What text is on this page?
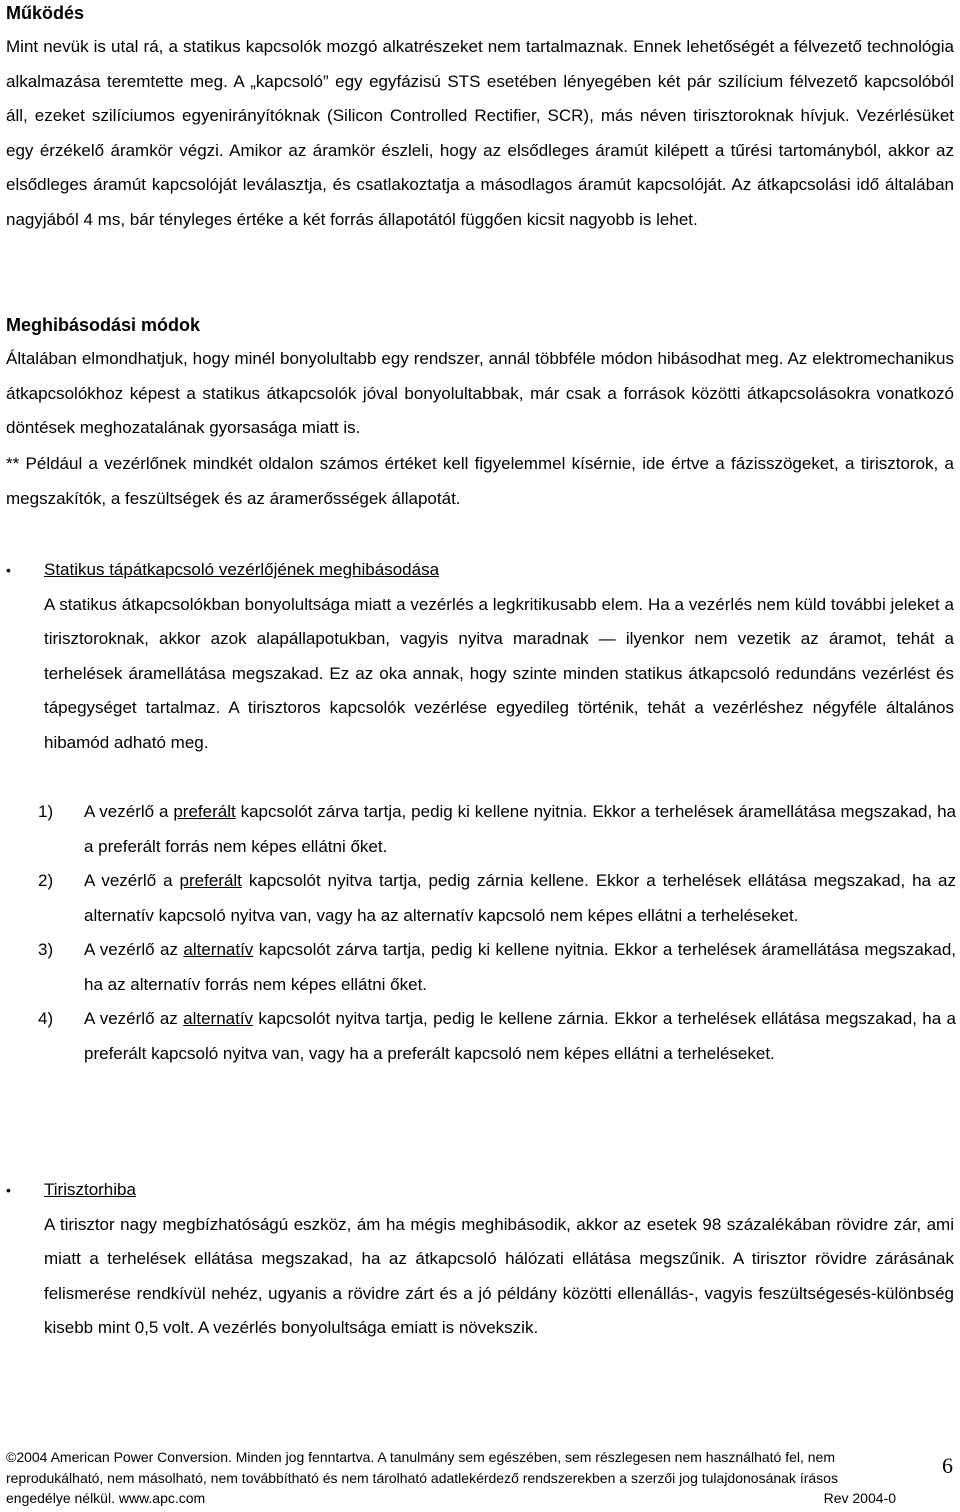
Működés
Mint nevük is utal rá, a statikus kapcsolók mozgó alkatrészeket nem tartalmaznak. Ennek lehetőségét a félvezető technológia alkalmazása teremtette meg. A „kapcsoló” egy egyfázisú STS esetében lényegében két pár szilícium félvezető kapcsolóból áll, ezeket szilíciumos egyenirányítóknak (Silicon Controlled Rectifier, SCR), más néven tirisztoroknak hívjuk. Vezérlésüket egy érzékelő áramkör végzi. Amikor az áramkör észleli, hogy az elsődleges áramút kilépett a tűrési tartományból, akkor az elsődleges áramút kapcsolóját leválasztja, és csatlakoztatja a másodlagos áramút kapcsolóját. Az átkapcsolási idő általában nagyjából 4 ms, bár tényleges értéke a két forrás állapotától függően kicsit nagyobb is lehet.
Meghibásodási módok
Általában elmondhatjuk, hogy minél bonyolultabb egy rendszer, annál többféle módon hibásodhat meg. Az elektromechanikus átkapcsolókhoz képest a statikus átkapcsolók jóval bonyolultabbak, már csak a források közötti átkapcsolásokra vonatkozó döntések meghozatalának gyorsasága miatt is.
** Például a vezérlőnek mindkét oldalon számos értéket kell figyelemmel kísérnie, ide értve a fázisszögeket, a tirisztorok, a megszakítók, a feszültségek és az áramerősségek állapotát.
• Statikus tápátkapcsoló vezérlőjének meghibásodása
A statikus átkapcsolókban bonyolultsága miatt a vezérlés a legkritikusabb elem. Ha a vezérlés nem küld további jeleket a tirisztoroknak, akkor azok alapállapotukban, vagyis nyitva maradnak — ilyenkor nem vezetik az áramot, tehát a terhelések áramellátása megszakad. Ez az oka annak, hogy szinte minden statikus átkapcsoló redundáns vezérlést és tápegységet tartalmaz. A tirisztoros kapcsolók vezérlése egyedileg történik, tehát a vezérléshez négyféle általános hibamód adható meg.
1) A vezérlő a preferált kapcsolót zárva tartja, pedig ki kellene nyitnia. Ekkor a terhelések áramellátása megszakad, ha a preferált forrás nem képes ellátni őket.
2) A vezérlő a preferált kapcsolót nyitva tartja, pedig zárnia kellene. Ekkor a terhelések ellátása megszakad, ha az alternatív kapcsoló nyitva van, vagy ha az alternatív kapcsoló nem képes ellátni a terheléseket.
3) A vezérlő az alternatív kapcsolót zárva tartja, pedig ki kellene nyitnia. Ekkor a terhelések áramellátása megszakad, ha az alternatív forrás nem képes ellátni őket.
4) A vezérlő az alternatív kapcsolót nyitva tartja, pedig le kellene zárnia. Ekkor a terhelések ellátása megszakad, ha a preferált kapcsoló nyitva van, vagy ha a preferált kapcsoló nem képes ellátni a terheléseket.
• Tirisztorhiba
A tirisztor nagy megbízhatóságú eszköz, ám ha mégis meghibásodik, akkor az esetek 98 százalékában rövidre zár, ami miatt a terhelések ellátása megszakad, ha az átkapcsoló hálózati ellátása megszűnik. A tirisztor rövidre zárásának felismerése rendkívül nehéz, ugyanis a rövidre zárt és a jó példány közötti ellenállás-, vagyis feszültségesés-különbség kisebb mint 0,5 volt. A vezérlés bonyolultsága emiatt is növekszik.
©2004 American Power Conversion. Minden jog fenntartva. A tanulmány sem egészében, sem részlegesen nem használható fel, nem
reprodukálható, nem másolható, nem továbbítható és nem tárolható adatlekérdező rendszerekben a szerzői jog tulajdonosának írásos
Rev 2004-0
engedélye nélkül. www.apc.com
6
